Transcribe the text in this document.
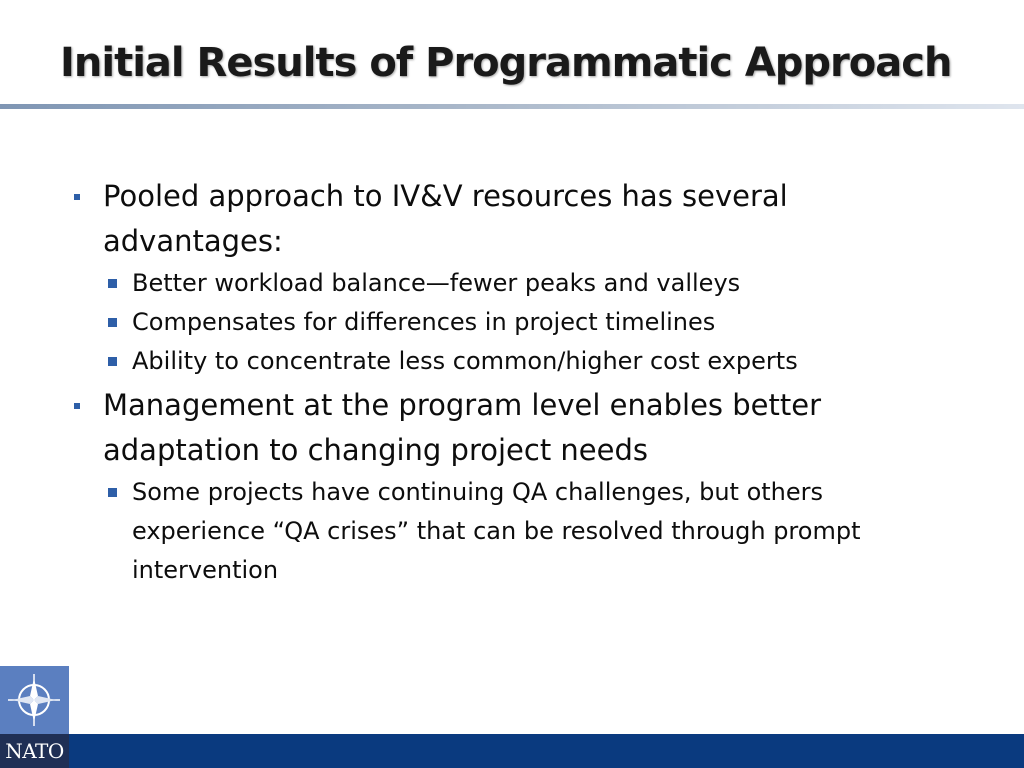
Initial Results of Programmatic Approach
Pooled approach to IV&V resources has several advantages:
Better workload balance—fewer peaks and valleys
Compensates for differences in project timelines
Ability to concentrate less common/higher cost experts
Management at the program level enables better adaptation to changing project needs
Some projects have continuing QA challenges, but others experience “QA crises” that can be resolved through prompt intervention
NATO
